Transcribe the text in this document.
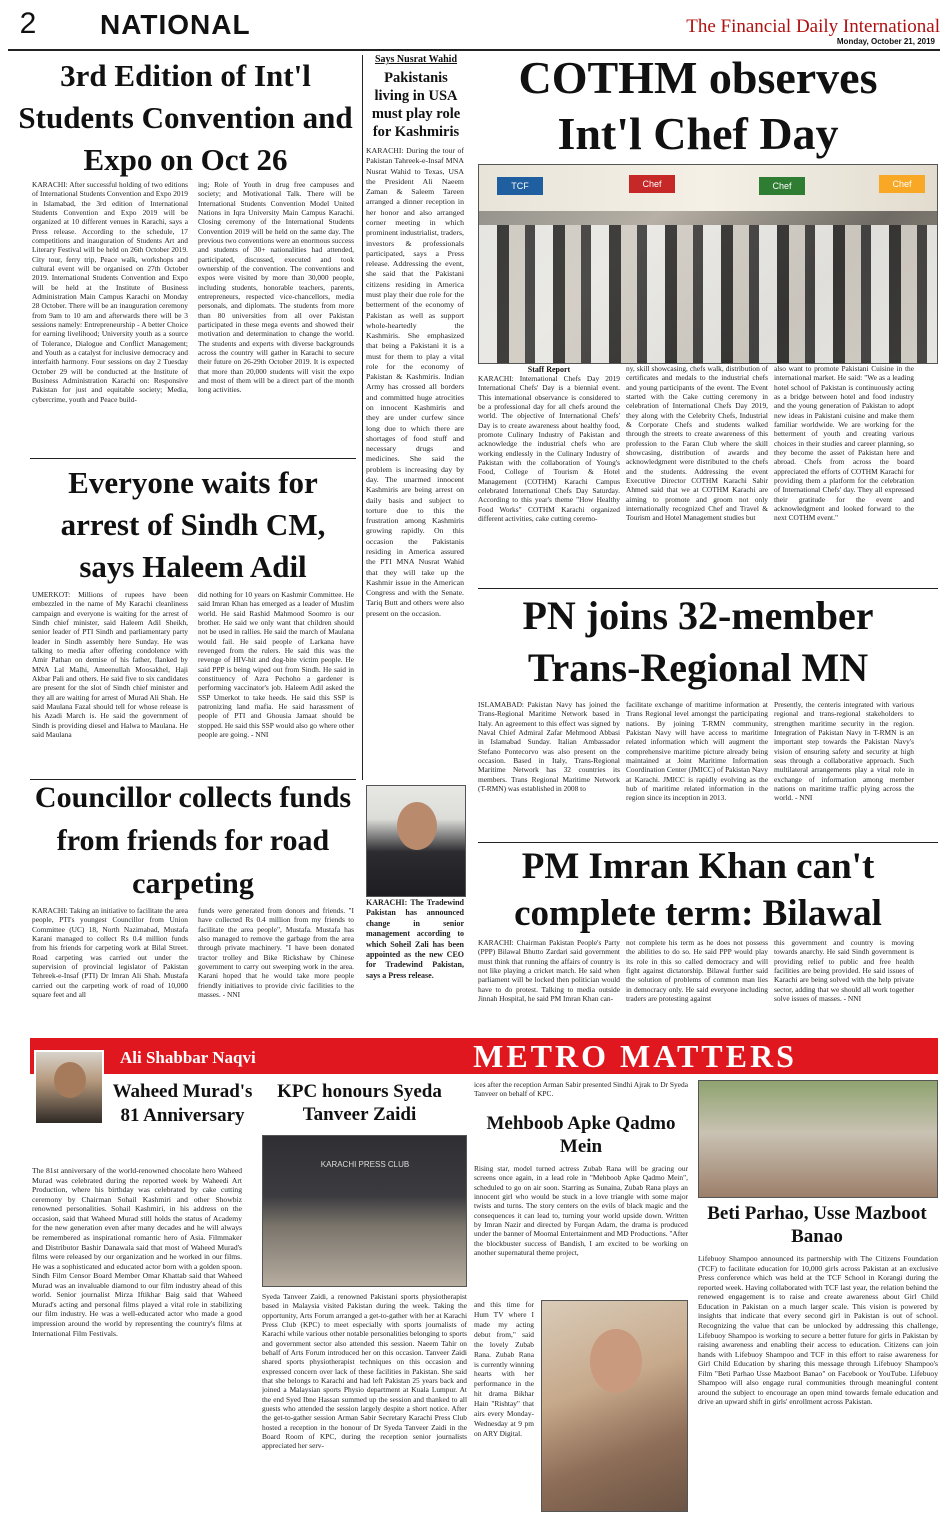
2	NATIONAL	The Financial Daily International
Monday, October 21, 2019
3rd Edition of Int'l Students Convention and Expo on Oct 26

KARACHI: After successful holding of two editions of International Students Convention and Expo 2019 in Islamabad, the 3rd edition of International Students Convention and Expo 2019 will be organized at 10 different venues in Karachi, says a Press release. According to the schedule, 17 competitions and inauguration of Students Art and Literary Festival will be held on 26th October 2019. City tour, ferry trip, Peace walk, workshops and cultural event will be organised on 27th October 2019. International Students Convention and Expo will be held at the Institute of Business Administration Main Campus Karachi on Monday 28 October. There will be an inauguration ceremony from 9am to 10 am and afterwards there will be 3 sessions namely: Entrepreneurship - A better Choice for earning livelihood; University youth as a source of Tolerance, Dialogue and Conflict Management; and Youth as a catalyst for inclusive democracy and interfaith harmony. Four sessions on day 2 Tuesday October 29 will be conducted at the Institute of Business Administration Karachi on: Responsive Pakistan for just and equitable society; Media, cybercrime, youth and Peace build-

ing; Role of Youth in drug free campuses and society; and Motivational Talk. There will be International Students Convention Model United Nations in Iqra University Main Campus Karachi. Closing ceremony of the International Students Convention 2019 will be held on the same day. The previous two conventions were an enormous success and students of 30+ nationalities had attended, participated, discussed, executed and took ownership of the convention. The conventions and expos were visited by more than 30,000 people, including students, honorable teachers, parents, entrepreneurs, respected vice-chancellors, media personals, and diplomats. The students from more than 80 universities from all over Pakistan participated in these mega events and showed their motivation and determination to change the world. The students and experts with diverse backgrounds across the country will gather in Karachi to secure their future on 26-29th October 2019. It is expected that more than 20,000 students will visit the expo and most of them will be a direct part of the month long activities.

Says Nusrat Wahid
Pakistanis living in USA must play role for Kashmiris

KARACHI: During the tour of Pakistan Tahreek-e-Insaf MNA Nusrat Wahid to Texas, USA the President Ali Naeem Zaman & Saleem Tareen arranged a dinner reception in her honor and also arranged corner meeting in which prominent industrialist, traders, investors & professionals participated, says a Press release. Addressing the event, she said that the Pakistani citizens residing in America must play their due role for the betterment of the economy of Pakistan as well as support whole-heartedly the Kashmiris. She emphasized that being a Pakistani it is a must for them to play a vital role for the economy of Pakistan & Kashmiris. Indian Army has crossed all borders and committed huge atrocities on innocent Kashmiris and they are under curfew since long due to which there are shortages of food stuff and necessary drugs and medicines. She said the problem is increasing day by day. The unarmed innocent Kashmiris are being arrest on daily basis and subject to torture due to this the frustration among Kashmiris growing rapidly. On this occasion the Pakistanis residing in America assured the PTI MNA Nusrat Wahid that they will take up the Kashmir issue in the American Congress and with the Senate. Tariq Butt and others were also present on the occasion.

COTHM observes Int'l Chef Day
TCF	Chef	Chef	Chef
Staff Report

KARACHI: International Chefs Day 2019 International Chefs' Day is a biennial event. This international observance is considered to be a professional day for all chefs around the world. The objective of International Chefs' Day is to create awareness about healthy food, promote Culinary Industry of Pakistan and acknowledge the industrial chefs who are working endlessly in the Culinary Industry of Pakistan with the collaboration of Young's Food, College of Tourism & Hotel Management (COTHM) Karachi Campus celebrated International Chefs Day Saturday. According to this year's theme "How Healthy Food Works" COTHM Karachi organized different activities, cake cutting ceremo-

ny, skill showcasing, chefs walk, distribution of certificates and medals to the industrial chefs and young participants of the event. The Event started with the Cake cutting ceremony in celebration of International Chefs Day 2019, they along with the Celebrity Chefs, Industrial & Corporate Chefs and students walked through the streets to create awareness of this profession to the Faran Club where the skill showcasing, distribution of awards and acknowledgment were distributed to the chefs and the students. Addressing the event Executive Director COTHM Karachi Sabir Ahmed said that we at COTHM Karachi are aiming to promote and groom not only internationally recognized Chef and Travel & Tourism and Hotel Management studies but

also want to promote Pakistani Cuisine in the international market. He said: "We as a leading hotel school of Pakistan is continuously acting as a bridge between hotel and food industry and the young generation of Pakistan to adopt new ideas in Pakistani cuisine and make them familiar worldwide. We are working for the betterment of youth and creating various choices in their studies and career planning, so they become the asset of Pakistan here and abroad. Chefs from across the board appreciated the efforts of COTHM Karachi for providing them a platform for the celebration of International Chefs' day. They all expressed their gratitude for the event and acknowledgment and looked forward to the next COTHM event."

Everyone waits for arrest of Sindh CM, says Haleem Adil

UMERKOT: Millions of rupees have been embezzled in the name of My Karachi cleanliness campaign and everyone is waiting for the arrest of Sindh chief minister, said Haleem Adil Sheikh, senior leader of PTI Sindh and parliamentary party leader in Sindh assembly here Sunday. He was talking to media after offering condolence with Amir Pathan on demise of his father, flanked by MNA Lal Malhi, Ameenullah Moosakhel, Haji Akbar Pali and others. He said five to six candidates are present for the slot of Sindh chief minister and they all are waiting for arrest of Murad Ali Shah. He said Maulana Fazal should tell for whose release is his Azadi March is. He said the government of Sindh is providing diesel and Halwa to Maulana. He said Maulana

did nothing for 10 years on Kashmir Committee. He said Imran Khan has emerged as a leader of Muslim world. He said Rashid Mahmood Soomro is our brother. He said we only want that children should not be used in rallies. He said the march of Maulana would fail. He said people of Larkana have revenged from the rulers. He said this was the revenge of HIV-hit and dog-bite victim people. He said PPP is being wiped out from Sindh. He said in constituency of Azra Pechoho a gardener is performing vaccinator's job. Haleem Adil asked the SSP Umerkot to take heeds. He said this SSP is patronizing land mafia. He said harassment of people of PTI and Ghousia Jamaat should be stopped. He said this SSP would also go where other people are going. - NNI

PN joins 32-member Trans-Regional MN

ISLAMABAD: Pakistan Navy has joined the Trans-Regional Maritime Network based in Italy. An agreement to this effect was signed by Naval Chief Admiral Zafar Mehmood Abbasi in Islamabad Sunday. Italian Ambassador Stefano Pontecorvo was also present on the occasion. Based in Italy, Trans-Regional Maritime Network has 32 countries its members. Trans Regional Maritime Network (T-RMN) was established in 2008 to

facilitate exchange of maritime information at Trans Regional level amongst the participating nations. By joining T-RMN community, Pakistan Navy will have access to maritime related information which will augment the comprehensive maritime picture already being maintained at Joint Maritime Information Coordination Center (JMICC) of Pakistan Navy at Karachi. JMICC is rapidly evolving as the hub of maritime related information in the region since its inception in 2013.

Presently, the centeris integrated with various regional and trans-regional stakeholders to strengthen maritime security in the region. Integration of Pakistan Navy in T-RMN is an important step towards the Pakistan Navy's vision of ensuring safety and security at high seas through a collaborative approach. Such multilateral arrangements play a vital role in exchange of information among member nations on maritime traffic plying across the world. - NNI

Councillor collects funds from friends for road carpeting

KARACHI: Taking an initiative to facilitate the area people, PTI's youngest Councillor from Union Committee (UC) 18, North Nazimabad, Mustafa Karani managed to collect Rs 0.4 million funds from his friends for carpeting work at Bilal Street. Road carpeting was carried out under the supervision of provincial legislator of Pakistan Tehreek-e-Insaf (PTI) Dr Imran Ali Shah. Mustafa carried out the carpeting work of road of 10,000 square feet and all

funds were generated from donors and friends. "I have collected Rs 0.4 million from my friends to facilitate the area people", Mustafa. Mustafa has also managed to remove the garbage from the area through private machinery. "I have been donated tractor trolley and Bike Rickshaw by Chinese government to carry out sweeping work in the area. Karani hoped that he would take more people friendly initiatives to provide civic facilities to the masses. - NNI

KARACHI: The Tradewind Pakistan has announced change in senior management according to which Soheil Zali has been appointed as the new CEO for Tradewind Pakistan, says a Press release.
PM Imran Khan can't complete term: Bilawal

KARACHI: Chairman Pakistan People's Party (PPP) Bilawal Bhutto Zardari said government must think that running the affairs of country is not like playing a cricket match. He said when parliament will be locked then politician would have to do protest. Talking to media outside Jinnah Hospital, he said PM Imran Khan can-

not complete his term as he does not possess the abilities to do so. He said PPP would play its role in this so called democracy and will fight against dictatorship. Bilawal further said the solution of problems of common man lies in democracy only. He said everyone including traders are protesting against

this government and country is moving towards anarchy. He said Sindh government is providing relief to public and free health facilities are being provided. He said issues of Karachi are being solved with the help private sector, adding that we should all work together solve issues of masses. - NNI

Ali Shabbar Naqvi	METRO MATTERS
Waheed Murad's 81 Anniversary
The 81st anniversary of the world-renowned chocolate hero Waheed Murad was celebrated during the reported week by Waheedi Art Production, where his birthday was celebrated by cake cutting ceremony by Chairman Sohail Kashmiri and other Showbiz renowned personalities. Sohail Kashmiri, in his address on the occasion, said that Waheed Murad still holds the status of Academy for the new generation even after many decades and he will always be remembered as inspirational romantic hero of Asia. Filmmaker and Distributor Bashir Danawala said that most of Waheed Murad's films were released by our organization and he worked in our films. He was a sophisticated and educated actor born with a golden spoon. Sindh Film Censor Board Member Omar Khattab said that Waheed Murad was an invaluable diamond to our film industry ahead of this world. Senior journalist Mirza Iftikhar Baig said that Waheed Murad's acting and personal films played a vital role in stabilizing our film industry. He was a well-educated actor who made a good impression around the world by representing the country's films at International Film Festivals.
KPC honours Syeda Tanveer Zaidi
KARACHI PRESS CLUB
Syeda Tanveer Zaidi, a renowned Pakistani sports physiotherapist based in Malaysia visited Pakistan during the week. Taking the opportunity, Arts Forum arranged a get-to-gather with her at Karachi Press Club (KPC) to meet especially with sports journalists of Karachi while various other notable personalities belonging to sports and government sector also attended this session. Naeem Tahir on behalf of Arts Forum introduced her on this occasion. Tanveer Zaidi shared sports physiotherapist techniques on this occasion and expressed concern over lack of these facilities in Pakistan. She said that she belongs to Karachi and had left Pakistan 25 years back and joined a Malaysian sports Physio department at Kuala Lumpur. At the end Syed Ibne Hassan summed up the session and thanked to all guests who attended the session largely despite a short notice. After the get-to-gather session Arman Sabir Secretary Karachi Press Club hosted a reception in the honour of Dr Syeda Tanveer Zaidi in the Board Room of KPC, during the reception senior journalists appreciated her serv-
ices after the reception Arman Sabir presented Sindhi Ajrak to Dr Syeda Tanveer on behalf of KPC.
Mehboob Apke Qadmo Mein
Rising star, model turned actress Zubab Rana will be gracing our screens once again, in a lead role in "Mehboob Apke Qadmo Mein", scheduled to go on air soon. Starring as Sunaina, Zubab Rana plays an innocent girl who would be stuck in a love triangle with some major twists and turns. The story centers on the evils of black magic and the consequences it can lead to, turning your world upside down. Written by Imran Nazir and directed by Furqan Adam, the drama is produced under the banner of Moomal Entertainment and MD Productions. "After the blockbuster success of Bandish, I am excited to be working on another supernatural theme project,
and this time for Hum TV where I made my acting debut from," said the lovely Zubab Rana. Zubab Rana is currently winning hearts with her performance in the hit drama Bikhar Hain "Rishtay" that airs every Monday-Wednesday at 9 pm on ARY Digital.
Beti Parhao, Usse Mazboot Banao
Lifebuoy Shampoo announced its partnership with The Citizens Foundation (TCF) to facilitate education for 10,000 girls across Pakistan at an exclusive Press conference which was held at the TCF School in Korangi during the reported week. Having collaborated with TCF last year, the relation behind the renewed engagement is to raise and create awareness about Girl Child Education in Pakistan on a much larger scale. This vision is powered by insights that indicate that every second girl in Pakistan is out of school. Recognizing the value that can be unlocked by addressing this challenge, Lifebuoy Shampoo is working to secure a better future for girls in Pakistan by raising awareness and enabling their access to education. Citizens can join hands with Lifebuoy Shampoo and TCF in this effort to raise awareness for Girl Child Education by sharing this message through Lifebuoy Shampoo's Film "Beti Parhao Usse Mazboot Banao" on Facebook or YouTube. Lifebuoy Shampoo will also engage rural communities through meaningful content around the subject to encourage an open mind towards female education and drive an upward shift in girls' enrollment across Pakistan.
